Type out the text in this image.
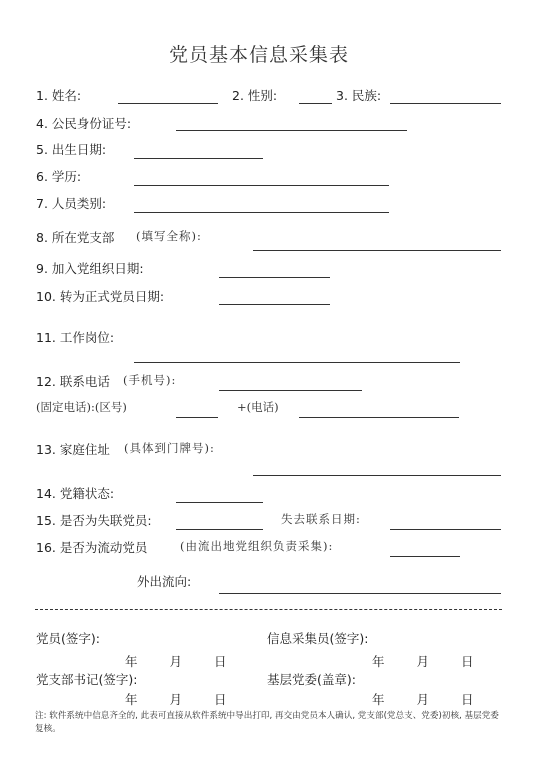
党员基本信息采集表
1. 姓名:	2. 性别:	3. 民族:
4. 公民身份证号:
5. 出生日期:
6. 学历:
7. 人员类别:
8. 所在党支部 (填写全称):
9. 加入党组织日期:
10. 转为正式党员日期:
11. 工作岗位:
12. 联系电话 (手机号):
(固定电话):(区号)	+(电话)
13. 家庭住址 (具体到门牌号):
14. 党籍状态:
15. 是否为失联党员:	失去联系日期:
16. 是否为流动党员	(由流出地党组织负责采集):
外出流向:
党员(签字):	信息采集员(签字):
年	月	日	年	月	日
党支部书记(签字):	基层党委(盖章):
年	月	日	年	月	日
注: 软件系统中信息齐全的, 此表可直接从软件系统中导出打印, 再交由党员本人确认, 党支部(党总支、党委)初核, 基层党委复核。
